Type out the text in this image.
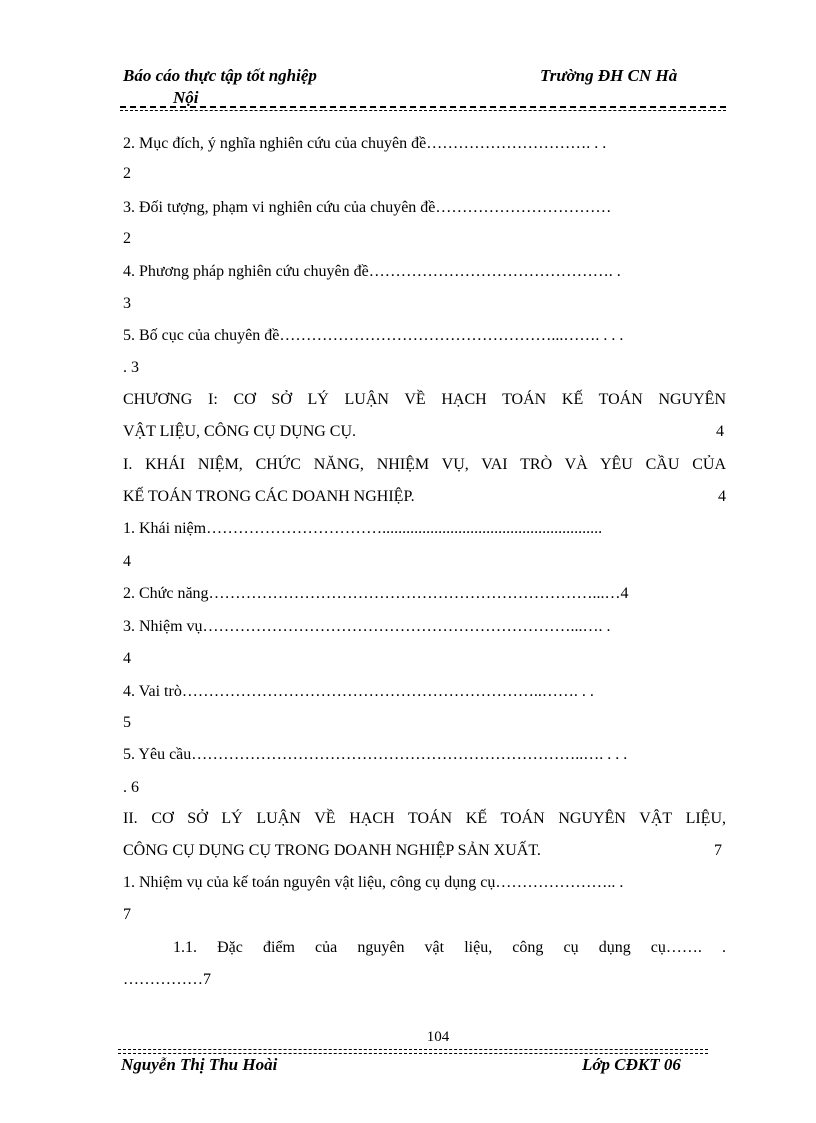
Báo cáo thực tập tốt nghiệp
Nội
Trường ĐH CN Hà
2. Mục đích, ý nghĩa nghiên cứu của chuyên đề…………………………. . .
2
3. Đối tượng, phạm vi nghiên cứu của chuyên đề……………………………
2
4. Phương pháp nghiên cứu chuyên đề………………………………………. .
3
5. Bố cục của chuyên đề……………………………………………...……. . . .
. 3
CHƯƠNG I: CƠ SỞ LÝ LUẬN VỀ HẠCH TOÁN KẾ TOÁN NGUYÊN
VẬT LIỆU, CÔNG CỤ DỤNG CỤ.	4
I. KHÁI NIỆM, CHỨC NĂNG, NHIỆM VỤ, VAI TRÒ VÀ YÊU CẦU CỦA
KẾ TOÁN TRONG CÁC DOANH NGHIỆP.	4
1. Khái niệm…………………………….......................................................
4
2. Chức năng………………………………………………………………...…4
3. Nhiệm vụ……………………………………………………………...…. .
4
4. Vai trò…………………………………………………………..……. . .
5
5. Yêu cầu………………………………………………………………..…. . . .
. 6
II. CƠ SỞ LÝ LUẬN VỀ HẠCH TOÁN KẾ TOÁN NGUYÊN VẬT LIỆU,
CÔNG CỤ DỤNG CỤ TRONG DOANH NGHIỆP SẢN XUẤT.	7
1. Nhiệm vụ của kế toán nguyên vật liệu, công cụ dụng cụ………………….. .
7
1.1. Đặc điểm của nguyên vật liệu, công cụ dụng cụ……. .
……………7
104
Nguyễn Thị Thu Hoài	Lớp CĐKT 06
